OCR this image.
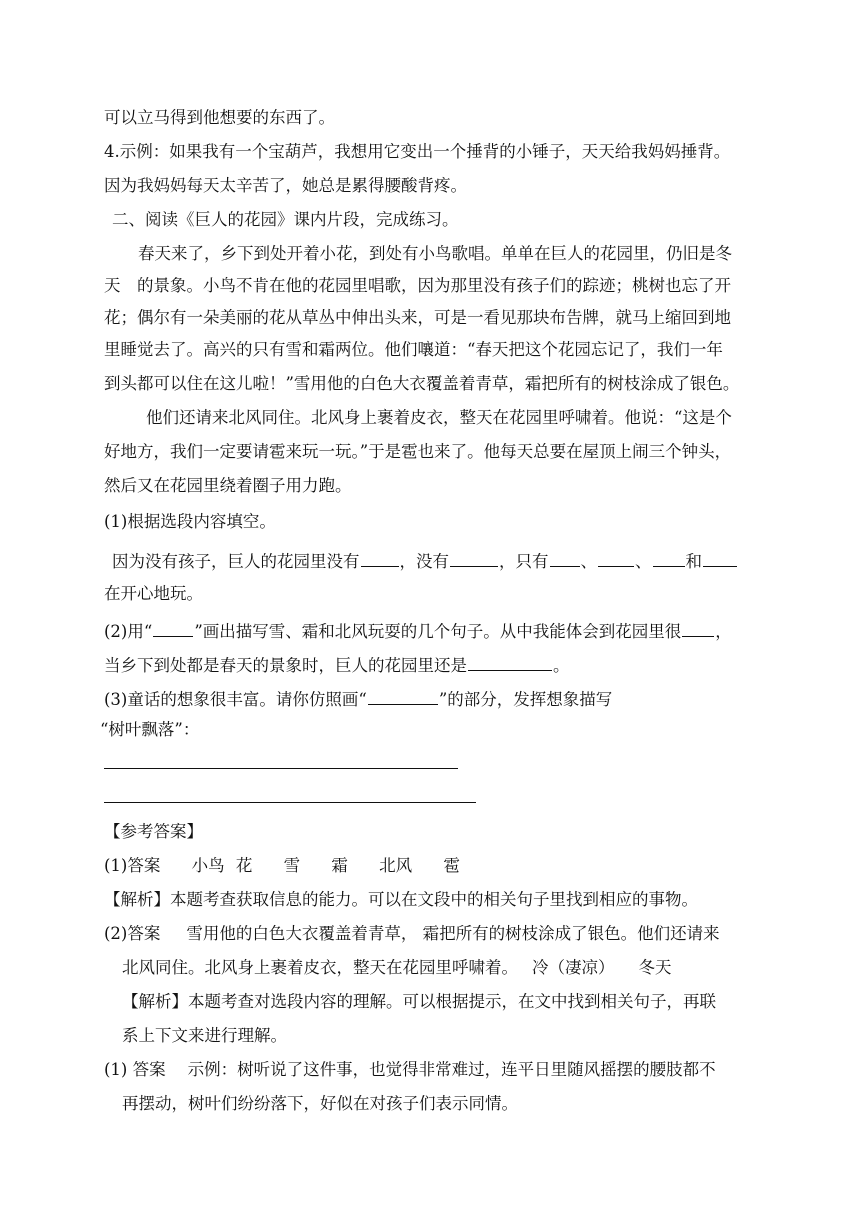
可以立马得到他想要的东西了。
4.示例：如果我有一个宝葫芦，我想用它变出一个捶背的小锤子，天天给我妈妈捶背。
因为我妈妈每天太辛苦了，她总是累得腰酸背疼。
二、阅读《巨人的花园》课内片段，完成练习。
春天来了，乡下到处开着小花，到处有小鸟歌唱。单单在巨人的花园里，仍旧是冬
天　的景象。小鸟不肯在他的花园里唱歌，因为那里没有孩子们的踪迹；桃树也忘了开
花；偶尔有一朵美丽的花从草丛中伸出头来，可是一看见那块布告牌，就马上缩回到地
里睡觉去了。高兴的只有雪和霜两位。他们嚷道：“春天把这个花园忘记了，我们一年
到头都可以住在这儿啦！”雪用他的白色大衣覆盖着青草，霜把所有的树枝涂成了银色。
他们还请来北风同住。北风身上裹着皮衣，整天在花园里呼啸着。他说：“这是个
好地方，我们一定要请雹来玩一玩。”于是雹也来了。他每天总要在屋顶上闹三个钟头，
然后又在花园里绕着圈子用力跑。
(1)根据选段内容填空。
因为没有孩子，巨人的花园里没有 ，没有	，只有 、 、 和
在开心地玩。
(2)用“	”画出描写雪、霜和北风玩耍的几个句子。从中我能体会到花园里很 ，
当乡下到处都是春天的景象时，巨人的花园里还是	。
(3)童话的想象很丰富。请你仿照画“	”的部分，发挥想象描写
“树叶飘落”：
【参考答案】
(1)答案 小鸟 花 雪 霜 北风 雹
【解析】本题考查获取信息的能力。可以在文段中的相关句子里找到相应的事物。
(2)答案 雪用他的白色大衣覆盖着青草， 霜把所有的树枝涂成了银色。他们还请来
北风同住。北风身上裹着皮衣，整天在花园里呼啸着。 冷（凄凉） 冬天
【解析】本题考查对选段内容的理解。可以根据提示，在文中找到相关句子，再联
系上下文来进行理解。
(1) 答案 示例：树听说了这件事，也觉得非常难过，连平日里随风摇摆的腰肢都不
再摆动，树叶们纷纷落下，好似在对孩子们表示同情。
